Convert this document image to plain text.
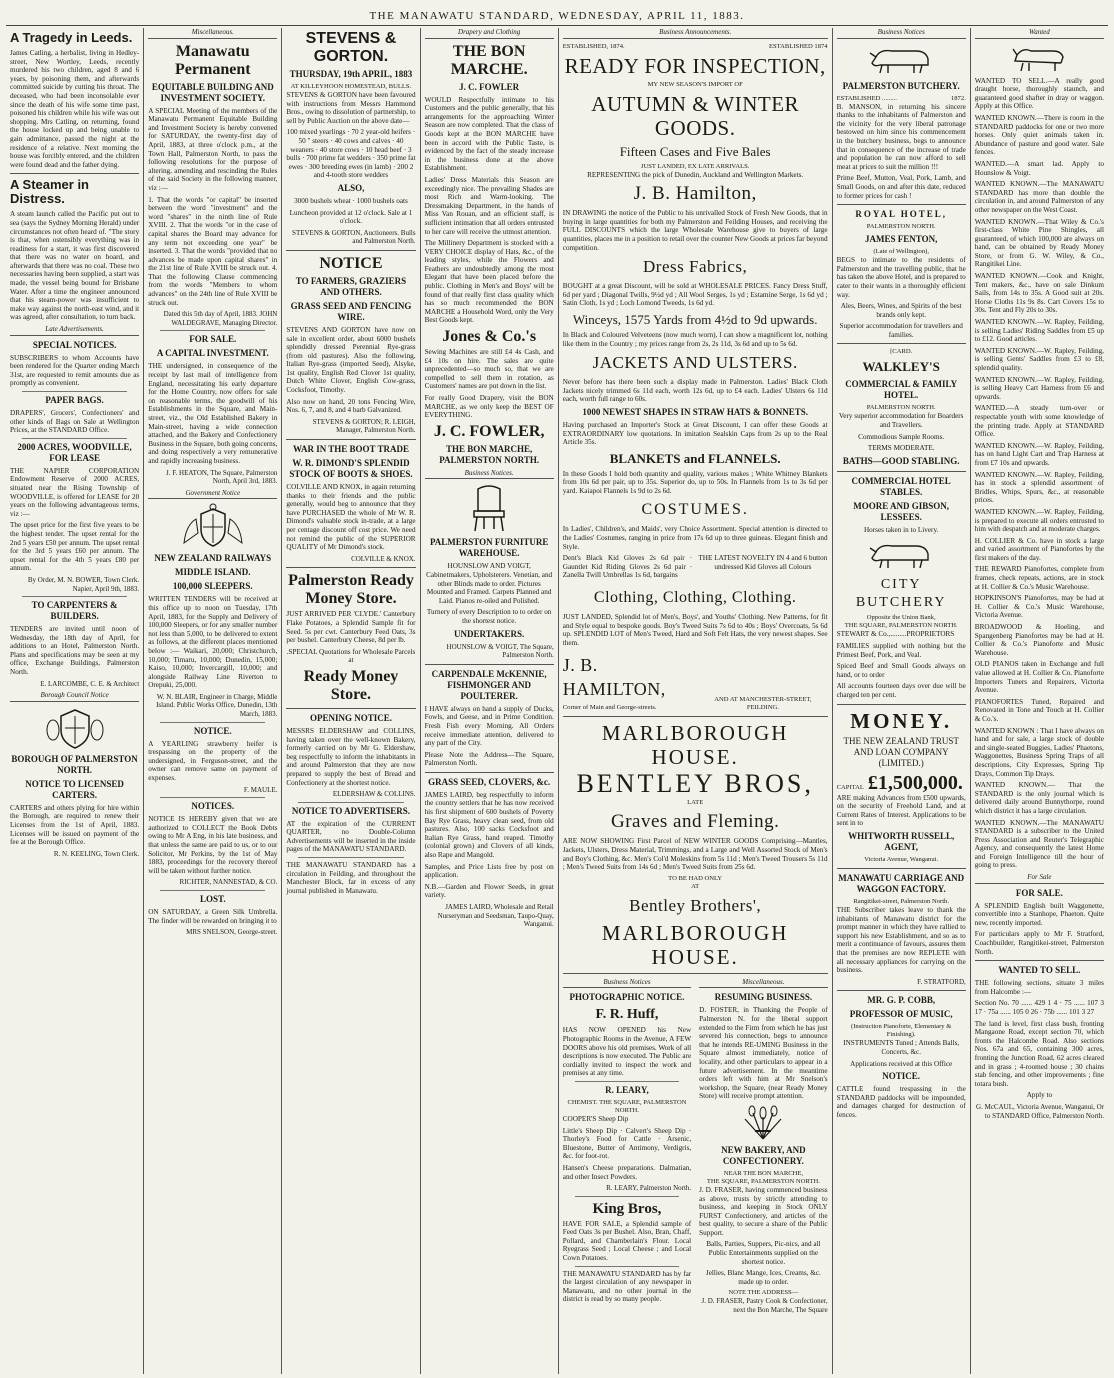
THE MANAWATU STANDARD, WEDNESDAY, APRIL 11, 1883.
A Tragedy in Leeds.

James Catling, a herbalist, living in Hedley-street, New Wortley, Leeds, recently murdered his two children, aged 8 and 6 years, by poisoning them, and afterwards committed suicide by cutting his throat. The deceased, who had been inconsolable ever since the death of his wife some time past, poisoned his children while his wife was out shopping. Mrs Catling, on returning, found the house locked up and being unable to gain admittance, passed the night at the residence of a relative. Next morning the house was forcibly entered, and the children were found dead and the father dying.

A Steamer in Distress.

A steam launch called the Pacific put out to sea (says the Sydney Morning Herald) under circumstances not often heard of. "The story is that, when ostensibly everything was in readiness for a start, it was first discovered that there was no water on board, and afterwards that there was no coal. These two necessaries having been supplied, a start was made, the vessel being bound for Brisbane Water. After a time the engineer announced that his steam-power was insufficient to make way against the north-east wind, and it was agreed, after consultation, to turn back.

Late Advertisements.
SPECIAL NOTICES.

SUBSCRIBERS to whom Accounts have been rendered for the Quarter ending March 31st, are requested to remit amounts due as promptly as convenient.

PAPER BAGS.

DRAPERS', Grocers', Confectioners' and other kinds of Bags on Sale at Wellington Prices, at the STANDARD Office.

2000 ACRES, WOODVILLE, FOR LEASE

THE NAPIER CORPORATION Endowment Reserve of 2000 ACRES, situated near the Rising Township of WOODVILLE, is offered for LEASE for 20 years on the following advantageous terms, viz :—

The upset price for the first five years to be the highest tender. The upset rental for the 2nd 5 years £50 per annum. The upset rental for the 3rd 5 years £60 per annum. The upset rental for the 4th 5 years £80 per annum.

By Order, M. N. BOWER, Town Clerk. Napier, April 9th, 1883.
TO CARPENTERS & BUILDERS.

TENDERS are invited until noon of Wednesday, the 18th day of April, for additions to an Hotel, Palmerston North. Plans and specifications may be seen at my office, Exchange Buildings, Palmerston North.

E. LARCOMBE, C. E. & Architect
Borough Council Notice
BOROUGH OF PALMERSTON NORTH.
NOTICE TO LICENSED CARTERS.

CARTERS and others plying for hire within the Borough, are required to renew their Licenses from the 1st of April, 1883. Licenses will be issued on payment of the fee at the Borough Office.

R. N. KEELING, Town Clerk.
Miscellaneous.
Manawatu Permanent
EQUITABLE BUILDING AND INVESTMENT SOCIETY.

A SPECIAL Meeting of the members of the Manawatu Permanent Equitable Building and Investment Society is hereby convened for SATURDAY, the twenty-first day of April, 1883, at three o'clock p.m., at the Town Hall, Palmerston North, to pass the following resolutions for the purpose of altering, amending and rescinding the Rules of the said Society in the following manner, viz :—

1. That the words "or capital" be inserted between the word "investment" and the word "shares" in the ninth line of Rule XVIII. 2. That the words "or in the case of capital shares the Board may advance for any term not exceeding one year" be inserted. 3. That the words "provided that no advances be made upon capital shares" in the 21st line of Rule XVIII be struck out. 4. That the following Clause commencing from the words "Members to whom advances" on the 24th line of Rule XVIII be struck out.

Dated this 5th day of April, 1883. JOHN WALDEGRAVE, Managing Director.
FOR SALE.
A CAPITAL INVESTMENT.

THE undersigned, in consequence of the receipt by last mail of intelligence from England, necessitating his early departure for the Home Country, now offers for sale on reasonable terms, the goodwill of his Establishments in the Square, and Main-street, viz., the Old Established Bakery in Main-street, having a wide connection attached, and the Bakery and Confectionery Business in the Square, both going concerns, and doing respectively a very remunerative and rapidly increasing business.

J. F. HEATON, The Square, Palmerston North, April 3rd, 1883.
Government Notice
NEW ZEALAND RAILWAYS
MIDDLE ISLAND.
100,000 SLEEPERS.

WRITTEN TENDERS will be received at this office up to noon on Tuesday, 17th April, 1883, for the Supply and Delivery of 100,000 Sleepers, or for any smaller number not less than 5,000, to be delivered to extent as follows, at the different places mentioned below :— Waikari, 20,000; Christchurch, 10,000; Timaru, 10,000; Dunedin, 15,000; Kaiso, 10,000; Invercargill, 10,000; and alongside Railway Line Riverton to Orepuki, 25,000.

W. N. BLAIR, Engineer in Charge, Middle Island. Public Works Office, Dunedin, 13th March, 1883.
NOTICE.

A YEARLING strawberry heifer is trespassing on the property of the undersigned, in Ferguson-street, and the owner can remove same on payment of expenses.

F. MAULE.
NOTICES.

NOTICE IS HEREBY given that we are authorized to COLLECT the Book Debts owing to Mr A Eng, in his late business, and that unless the same are paid to us, or to our Solicitor, Mr Perkins, by the 1st of May 1883, proceedings for the recovery thereof will be taken without further notice.

RICHTER, NANNESTAD, & CO.
LOST.

ON SATURDAY, a Green Silk Umbrella. The finder will be rewarded on bringing it to

MRS SNELSON, George-street.
STEVENS & GORTON.
THURSDAY, 19th APRIL, 1883
AT KILLEYHOON HOMESTEAD, BULLS.

STEVENS & GORTON have been favoured with instructions from Messrs Hammond Bros., owing to dissolution of partnership, to sell by Public Auction on the above date—

100 mixed yearlings · 70 2 year-old heifers · 50 " steers · 40 cows and calves · 40 weaners · 40 store cows · 10 head beef · 3 bulls · 700 prime fat wedders · 350 prime fat ewes · 300 breeding ewes (in lamb) · 200 2 and 4-tooth store wedders

ALSO,

3000 bushels wheat · 1000 bushels oats

Luncheon provided at 12 o'clock. Sale at 1 o'clock.

STEVENS & GORTON, Auctioneers. Bulls and Palmerston North.
NOTICE
TO FARMERS, GRAZIERS AND OTHERS.
GRASS SEED AND FENCING WIRE.

STEVENS AND GORTON have now on sale in excellent order, about 6000 bushels splendidly dressed Perennial Rye-grass (from old pastures). Also the following, Italian Rye-grass (imported Seed), Alsyke, 1st quality, English Red Clover 1st quality, Dutch White Clover, English Cow-grass, Cocksfoot, Timothy.

Also now on hand, 20 tons Fencing Wire, Nos. 6, 7, and 8, and 4 barb Galvanized.

STEVENS & GORTON; R. LEIGH, Manager, Palmerston North.
WAR IN THE BOOT TRADE
W. R. DIMOND'S SPLENDID STOCK OF BOOTS & SHOES.

COLVILLE AND KNOX, in again returning thanks to their friends and the public generally, would beg to announce that they have PURCHASED the whole of Mr W. R. Dimond's valuable stock in-trade, at a large per centage discount off cost price. We need not remind the public of the SUPERIOR QUALITY of Mr Dimond's stock.

COLVILLE & KNOX.
Palmerston Ready Money Store.

JUST ARRIVED PER 'CLYDE.' Canterbury Flake Potatoes, a Splendid Sample fit for Seed. 5s per cwt. Canterbury Feed Oats, 3s per bushel. Canterbury Cheese, 8d per lb.

.SPECIAL Quotations for Wholesale Parcels at

Ready Money Store.
OPENING NOTICE.

MESSRS ELDERSHAW and COLLINS, having taken over the well-known Bakery, formerly carried on by Mr G. Eldershaw, beg respectfully to inform the inhabitants in and around Palmerston that they are now prepared to supply the best of Bread and Confectionery at the shortest notice.

ELDERSHAW & COLLINS.
NOTICE TO ADVERTISERS.

AT the expiration of the CURRENT QUARTER, no Double-Column Advertisements will be inserted in the inside pages of the MANAWATU STANDARD.

THE MANAWATU STANDARD has a circulation in Feilding, and throughout the Manchester Block, far in excess of any journal published in Manawatu.

Drapery and Clothing
THE BON MARCHE.
J. C. FOWLER

WOULD Respectfully intimate to his Customers and the public generally, that his arrangements for the approaching Winter Season are now completed. That the class of Goods kept at the BON MARCHE have been in accord with the Public Taste, is evidenced by the fact of the steady increase in the business done at the above Establishment.

Ladies' Dress Materials this Season are exceedingly nice. The prevailing Shades are most Rich and Warm-looking. The Dressmaking Department, in the hands of Miss Van Rouan, and an efficient staff, is sufficient intimation that all orders entrusted to her care will receive the utmost attention.

The Millinery Department is stocked with a VERY CHOICE display of Hats, &c., of the leading styles, while the Flowers and Feathers are undoubtedly among the most Elegant that have been placed before the public. Clothing in Men's and Boys' will be found of that really first class quality which has so much recommended the BON MARCHE a Household Word, only the Very Best Goods kept.

Jones & Co.'s

Sewing Machines are still £4 4s Cash, and £4 10s on hire. The sales are quite unprecedented—so much so, that we are compelled to sell them in rotation, as Customers' names are put down in the list.

For really Good Drapery, visit the BON MARCHE, as we only keep the BEST OF EVERYTHING.

J. C. FOWLER,
THE BON MARCHE, PALMERSTON NORTH.
Business Notices.
PALMERSTON FURNITURE WAREHOUSE.

HOUNSLOW AND VOIGT, Cabinetmakers, Upholsterers. Venetian, and other Blinds made to order. Pictures Mounted and Framed. Carpets Planned and Laid. Pianos re-oiled and Polished.

Turnery of every Description to to order on the shortest notice.

UNDERTAKERS.
HOUNSLOW & VOIGT, The Square, Palmerston North.
CARPENDALE McKENNIE, FISHMONGER AND POULTERER.

I HAVE always on hand a supply of Ducks, Fowls, and Geese, and in Prime Condition. Fresh Fish every Morning. All Orders receive immediate attention, delivered to any part of the City.

Please Note the Address—The Square, Palmerston North.

GRASS SEED, CLOVERS, &c.

JAMES LAIRD, beg respectfully to inform the country settlers that he has now received his first shipment of 600 bushels of Poverty Bay Rye Grass, heavy clean seed, from old pastures. Also, 100 sacks Cocksfoot and Italian Rye Grass, hand reaped. Timothy (colonial grown) and Clovers of all kinds, also Rape and Mangold.

Samples, and Price Lists free by post on application.

N.B.—Garden and Flower Seeds, in great variety.

JAMES LAIRD, Wholesale and Retail Nurseryman and Seedsman, Taupo-Quay, Wanganui.
Business Announcements.
ESTABLISHED, 1874.	ESTABLISHED 1874
READY FOR INSPECTION,
MY NEW SEASON'S IMPORT OF
AUTUMN & WINTER GOODS.
Fifteen Cases and Five Bales
JUST LANDED, EX LATE ARRIVALS.

REPRESENTING the pick of Dunedin, Auckland and Wellington Markets.

J. B. Hamilton,

IN DRAWING the notice of the Public to his unrivalled Stock of Fresh New Goods, that in buying in large quantities for both my Palmerston and Feilding Houses, and receiving the FULL DISCOUNTS which the large Wholesale Warehouse give to buyers of large quantities, places me in a position to retail over the counter New Goods at prices far beyond competition.

Dress Fabrics,

BOUGHT at a great Discount, will be sold at WHOLESALE PRICES. Fancy Dress Stuff, 6d per yard ; Diagonal Twills, 9½d yd ; All Wool Serges, 1s yd ; Estamine Serge, 1s 6d yd ; Satin Cloth, 1s yd ; Loch Lomond Tweeds, 1s 6d yd.

Winceys, 1575 Yards from 4½d to 9d upwards.

In Black and Coloured Velveteens (now much worn), I can show a magnificent lot, nothing like them in the Country ; my prices range from 2s, 2s 11d, 3s 6d and up to 5s 6d.

JACKETS AND ULSTERS.

Never before has there been such a display made in Palmerston. Ladies' Black Cloth Jackets nicely trimmed 6s 11d each, worth 12s 6d, up to £4 each. Ladies' Ulsters 6s 11d each, worth full range to 60s.

1000 NEWEST SHAPES IN STRAW HATS & BONNETS.

Having purchased an Importer's Stock at Great Discount, I can offer these Goods at EXTRAORDINARY low quotations. In imitation Sealskin Caps from 2s up to the Real Article 35s.

BLANKETS and FLANNELS.

In these Goods I hold both quantity and quality, various makes ; White Whitney Blankets from 10s 6d per pair, up to 35s. Superior do, up to 50s. In Flannels from 1s to 3s 6d per yard. Kaiapoi Flannels 1s 9d to 2s 6d.

COSTUMES.

In Ladies', Children's, and Maids', very Choice Assortment. Special attention is directed to the Ladies' Costumes, ranging in price from 17s 6d up to three guineas. Elegant finish and Style.

Dent's Black Kid Gloves 2s 6d pair · Gauntlet Kid Riding Gloves 2s 6d pair · Zanella Twill Umbrellas 1s 6d, bargains

THE LATEST NOVELTY IN 4 and 6 button undressed Kid Gloves all Colours

Clothing, Clothing, Clothing.

JUST LANDED, Splendid lot of Men's, Boys', and Youths' Clothing. New Patterns, for fit and Style equal to bespoke goods. Boy's Tweed Suits 7s 6d to 40s ; Boys' Overcoats, 5s 6d up. SPLENDID LOT of Men's Tweed, Hard and Soft Felt Hats, the very newest shapes. See them.

J. B. HAMILTON,
Corner of Main and George-streets.
AND AT MANCHESTER-STREET, FEILDING.
MARLBOROUGH HOUSE.
BENTLEY BROS,
LATE
Graves and Fleming.

ARE NOW SHOWING First Parcel of NEW WINTER GOODS Comprising—Mantles, Jackets, Ulsters, Dress Material, Trimmings, and a Large and Well Assorted Stock of Men's and Boy's Clothing, &c. Men's Col'd Moleskins from 5s 11d ; Men's Tweed Trousers 5s 11d ; Men's Tweed Suits from 14s 6d ; Men's Tweed Suits from 25s 6d.

TO BE HAD ONLY
AT
Bentley Brothers',
MARLBOROUGH HOUSE.
Business Notices
PHOTOGRAPHIC NOTICE.
F. R. Huff,

HAS NOW OPENED his New Photographic Rooms in the Avenue, A FEW DOORS above his old premises. Work of all descriptions is now executed. The Public are cordially invited to inspect the work and premises at any time.

R. LEARY,
CHEMIST. THE SQUARE, PALMERSTON NORTH.

COOPER'S Sheep Dip

Little's Sheep Dip · Calvert's Sheep Dip · Thorley's Food for Cattle · Arsenic, Bluestone, Butter of Antimony, Verdigris, &c. for foot-rot.

Hansen's Cheese preparations. Dalmatian, and other Insect Powders.

R. LEARY, Palmerston North.
King Bros,

HAVE FOR SALE, a Splendid sample of Feed Oats 3s per Bushel. Also, Bran, Chaff, Pollard, and Chamberlain's Flour. Local Ryegrass Seed ; Local Cheese ; and Local Cown Potatoes.

THE MANAWATU STANDARD has by far the largest circulation of any newspaper in Manawatu, and no other journal in the district is read by so many people.

Miscellaneous.
RESUMING BUSINESS.

D. FOSTER, in Thanking the People of Palmerston N. for the liberal support extended to the Firm from which he has just severed his connection, begs to announce that he intends RE-UMING Business in the Square almost immediately, notice of locality, and other particulars to appear in a future advertisement. In the meantime orders left with him at Mr Snelson's workshop, the Square, (near Ready Money Store) will receive prompt attention.

NEW BAKERY, AND CONFECTIONERY.
NEAR THE BON MARCHE,
THE SQUARE, PALMERSTON NORTH.

J. D. FRASER, having commenced business as above, trusts by strictly attending to business, and keeping in Stock ONLY FURST Confectionery, and articles of the best quality, to secure a share of the Public Support.

Balls, Parties, Suppers, Pic-nics, and all Public Entertainments supplied on the shortest notice.

Jellies, Blanc Mange, Ices, Creams, &c. made up to order.

NOTE THE ADDRESS—
J. D. FRASER, Pastry Cook & Confectioner, next the Bon Marche, The Square
Business Notices
PALMERSTON BUTCHERY.
ESTABLISHED .........	1872.

B. MANSON, in returning his sincere thanks to the inhabitants of Palmerston and the vicinity for the very liberal patronage bestowed on him since his commencement in the butchery business, begs to announce that in consequence of the increase of trade and population he can now afford to sell meat at prices to suit the million !!!

Prime Beef, Mutton, Veal, Pork, Lamb, and Small Goods, on and after this date, reduced to former prices for cash !

ROYAL HOTEL,
PALMERSTON NORTH.
JAMES FENTON,
(Late of Wellington),

BEGS to intimate to the residents of Palmerston and the travelling public, that he has taken the above Hotel, and is prepared to cater to their wants in a thoroughly efficient way.

Ales, Beers, Wines, and Spirits of the best brands only kept.

Superior accommodation for travellers and families.

[CARD.
WALKLEY'S
COMMERCIAL & FAMILY HOTEL.
PALMERSTON NORTH.

Very superior accommodation for Boarders and Travellers.

Commodious Sample Rooms.

TERMS MODERATE.

BATHS—GOOD STABLING.
COMMERCIAL HOTEL STABLES.
MOORE AND GIBSON, LESSEES.

Horses taken in to Livery.

CITY BUTCHERY
Opposite the Union Bank,
THE SQUARE, PALMERSTON NORTH.

STEWART & Co.,.........PROPRIETORS

FAMILIES supplied with nothing but the Primest Beef, Pork, and Veal.

Spiced Beef and Small Goods always on hand, or to order

All accounts fourteen days over due will be charged ten per cent.

MONEY.
THE NEW ZEALAND TRUST AND LOAN CO'MPANY (LIMITED.)
CAPITAL £1,500,000.

ARE making Advances from £500 upwards, on the security of Freehold Land, and at Current Rates of Interest. Applications to be sent in to

WHITWORTH RUSSELL, AGENT,
Victoria Avenue, Wanganui.
MANAWATU CARRIAGE AND WAGGON FACTORY.
Rangitikei-street, Palmerston North.

THE Subscriber takes leave to thank the inhabitants of Manawatu district for the prompt manner in which they have rallied to support his new Establishment, and so as to merit a continuance of favours, assures them that the premises are now REPLETE with all necessary appliances for carrying on the business.

F. STRATFORD,
MR. G. P. COBB,
PROFESSOR OF MUSIC,
(Instruction Pianoforte, Elementary & Finishing).

INSTRUMENTS Tuned ; Attends Balls, Concerts, &c.

Applications received at this Office

NOTICE.

CATTLE found trespassing in the STANDARD paddocks will be impounded, and damages charged for destruction of fences.

Wanted

WANTED TO SELL.—A really good draught horse, thoroughly staunch, and guaranteed good shafter in dray or waggon. Apply at this Office.

WANTED KNOWN.—There is room in the STANDARD paddocks for one or two more horses. Only quiet animals taken in. Abundance of pasture and good water. Sale fences.

WANTED.—A smart lad. Apply to Hounslow & Voigt.

WANTED KNOWN.—The MANAWATU STANDARD has more than double the circulation in, and around Palmerston of any other newspaper on the West Coast.

WANTED KNOWN.—That Wiley & Co.'s first-class White Pine Shingles, all guaranteed, of which 100,000 are always on hand, can be obtained by Ready Money Store, or from G. W. Wiley, & Co., Rangitikei Line.

WANTED KNOWN.—Cook and Knight, Tent makers, &c., have on sale Dinkum Sails, from 14s to 35s. A Good suit at 20s. Horse Cloths 11s 9s 8s. Cart Covers 15s to 30s. Tent and Fly 20s to 30s.

WANTED KNOWN.—W. Rapley, Feilding, is selling Ladies' Riding Saddles from £5 up to £12. Good articles.

WANTED KNOWN.—W. Rapley, Feilding, is selling Gents' Saddles from £3 to £8, splendid quality.

WANTED KNOWN.—W. Rapley, Feilding, is selling Heavy Cart Harness from £6 and upwards.

WANTED.—A steady turn-over or respectable youth with some knowledge of the printing trade. Apply at STANDARD Office.

WANTED KNOWN.—W. Rapley, Feilding, has on hand Light Cart and Trap Harness at from £7 10s and upwards.

WANTED KNOWN.—W. Rapley, Feilding, has in stock a splendid assortment of Bridles, Whips, Spurs, &c., at reasonable prices.

WANTED KNOWN.—W. Rapley, Feilding, is prepared to execute all orders entrusted to him with despatch and at moderate charges.

H. COLLIER & Co. have in stock a large and varied assortment of Pianofortes by the first makers of the day.

THE REWARD Pianofortes, complete from frames, check repeats, actions, are in stock at H. Collier & Co.'s Music Warehouse.

HOPKINSON'S Pianofortes, may be had at H. Collier & Co.'s Music Warehouse, Victoria Avenue.

BROADWOOD & Hoeling, and Spangenberg Pianofortes may be had at H. Collier & Co.'s Pianoforte and Music Warehouse.

OLD PIANOS taken in Exchange and full value allowed at H. Collier & Co. Pianoforte Importers Tuners and Repairers, Victoria Avenue.

PIANOFORTES Tuned, Repaired and Renovated in Tone and Touch at H. Collier & Co.'s.

WANTED KNOWN : That I have always on hand and for sale, a large stock of double and single-seated Buggies, Ladies' Phaetons, Waggonettes, Business Spring Traps of all descriptions, City Expresses, Spring Tip Drays, Common Tip Drays.

WANTED KNOWN.— That the STANDARD is the only journal which is delivered daily around Bunnythorpe, round which district it has a large circulation.

WANTED KNOWN.—The MANAWATU STANDARD is a subscriber to the United Press Association and Reuter's Telegraphic Agency, and consequently the latest Home and Foreign Intelligence till the hour of going to press.

For Sale
FOR SALE.

A SPLENDID English built Waggonette, convertible into a Stanhope, Phaeton. Quite new, recently imported.

For particulars apply to Mr F. Stratford, Coachbuilder, Rangitikei-street, Palmerston North.

WANTED TO SELL.

THE following sections, situate 3 miles from Halcombe :—

Section No. 70 ...... 429 1 4 · 75 ...... 107 3 17 · 75a ...... 105 0 26 · 75b ...... 101 3 27

The land is level, first class bush, fronting Mangaone Road, except section 70, which fronts the Halcombe Road. Also sections Nos. 67a and 65, containing 300 acres, fronting the Junction Road, 62 acres cleared and in grass ; 4-roomed house ; 30 chains stab fencing, and other improvements ; fine totara bush.

Apply to

G. McCAUL, Victoria Avenue, Wanganui, Or to STANDARD Office, Palmerston North.
